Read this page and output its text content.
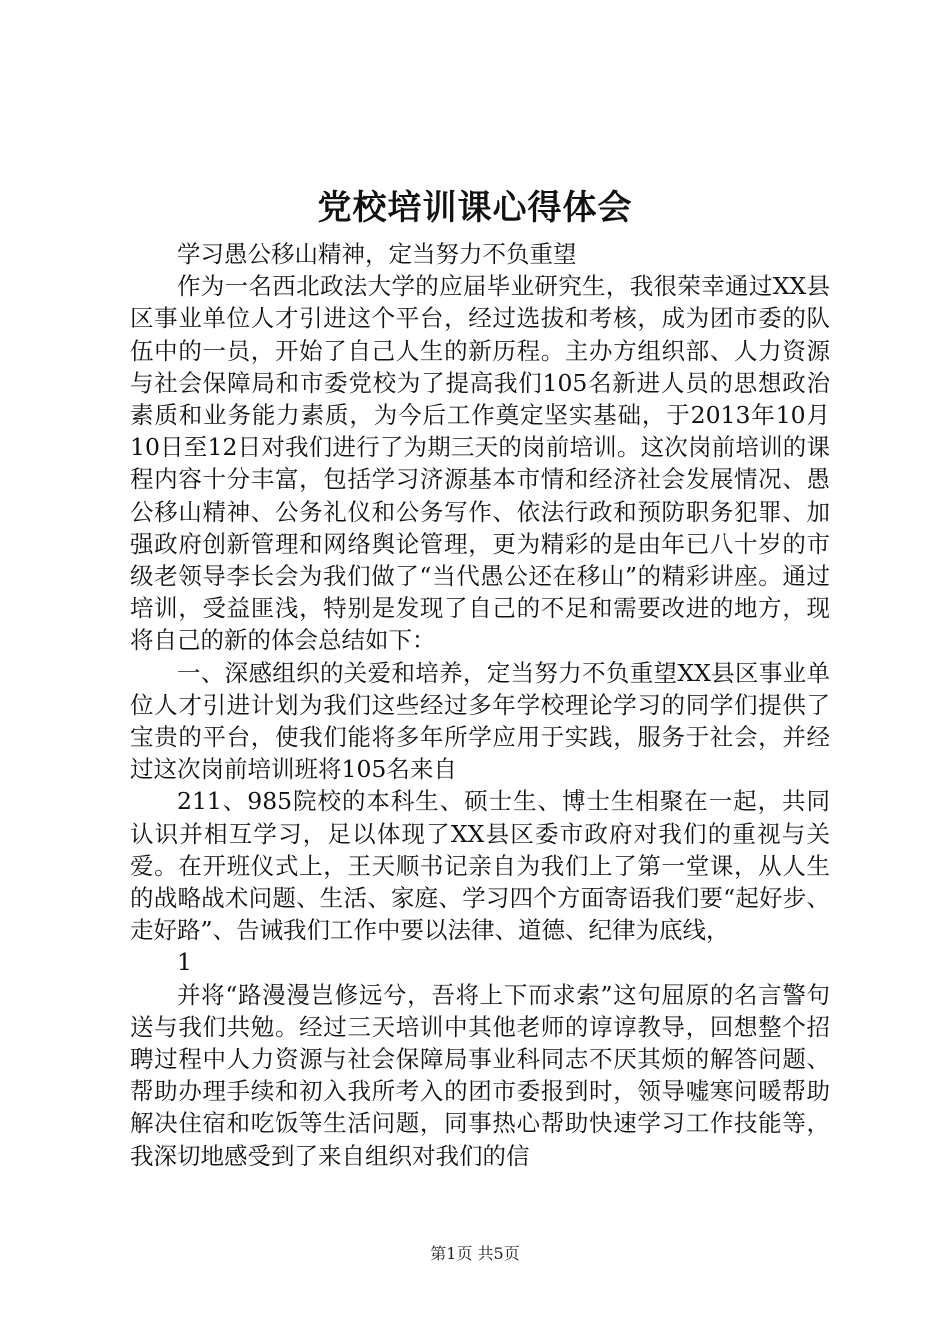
党校培训课心得体会

学习愚公移山精神，定当努力不负重望

作为一名西北政法大学的应届毕业研究生，我很荣幸通过XX县区事业单位人才引进这个平台，经过选拔和考核，成为团市委的队伍中的一员，开始了自己人生的新历程。主办方组织部、人力资源与社会保障局和市委党校为了提高我们105名新进人员的思想政治素质和业务能力素质，为今后工作奠定坚实基础，于2013年10月10日至12日对我们进行了为期三天的岗前培训。这次岗前培训的课程内容十分丰富，包括学习济源基本市情和经济社会发展情况、愚公移山精神、公务礼仪和公务写作、依法行政和预防职务犯罪、加强政府创新管理和网络舆论管理，更为精彩的是由年已八十岁的市级老领导李长会为我们做了“当代愚公还在移山”的精彩讲座。通过培训，受益匪浅，特别是发现了自己的不足和需要改进的地方，现将自己的新的体会总结如下：

一、深感组织的关爱和培养，定当努力不负重望XX县区事业单位人才引进计划为我们这些经过多年学校理论学习的同学们提供了宝贵的平台，使我们能将多年所学应用于实践，服务于社会，并经过这次岗前培训班将105名来自

211、985院校的本科生、硕士生、博士生相聚在一起，共同认识并相互学习，足以体现了XX县区委市政府对我们的重视与关爱。在开班仪式上，王天顺书记亲自为我们上了第一堂课，从人生的战略战术问题、生活、家庭、学习四个方面寄语我们要“起好步、走好路”、告诫我们工作中要以法律、道德、纪律为底线，

1

并将“路漫漫岂修远兮，吾将上下而求索”这句屈原的名言警句送与我们共勉。经过三天培训中其他老师的谆谆教导，回想整个招聘过程中人力资源与社会保障局事业科同志不厌其烦的解答问题、帮助办理手续和初入我所考入的团市委报到时，领导嘘寒问暖帮助解决住宿和吃饭等生活问题，同事热心帮助快速学习工作技能等，我深切地感受到了来自组织对我们的信

第1页 共5页
